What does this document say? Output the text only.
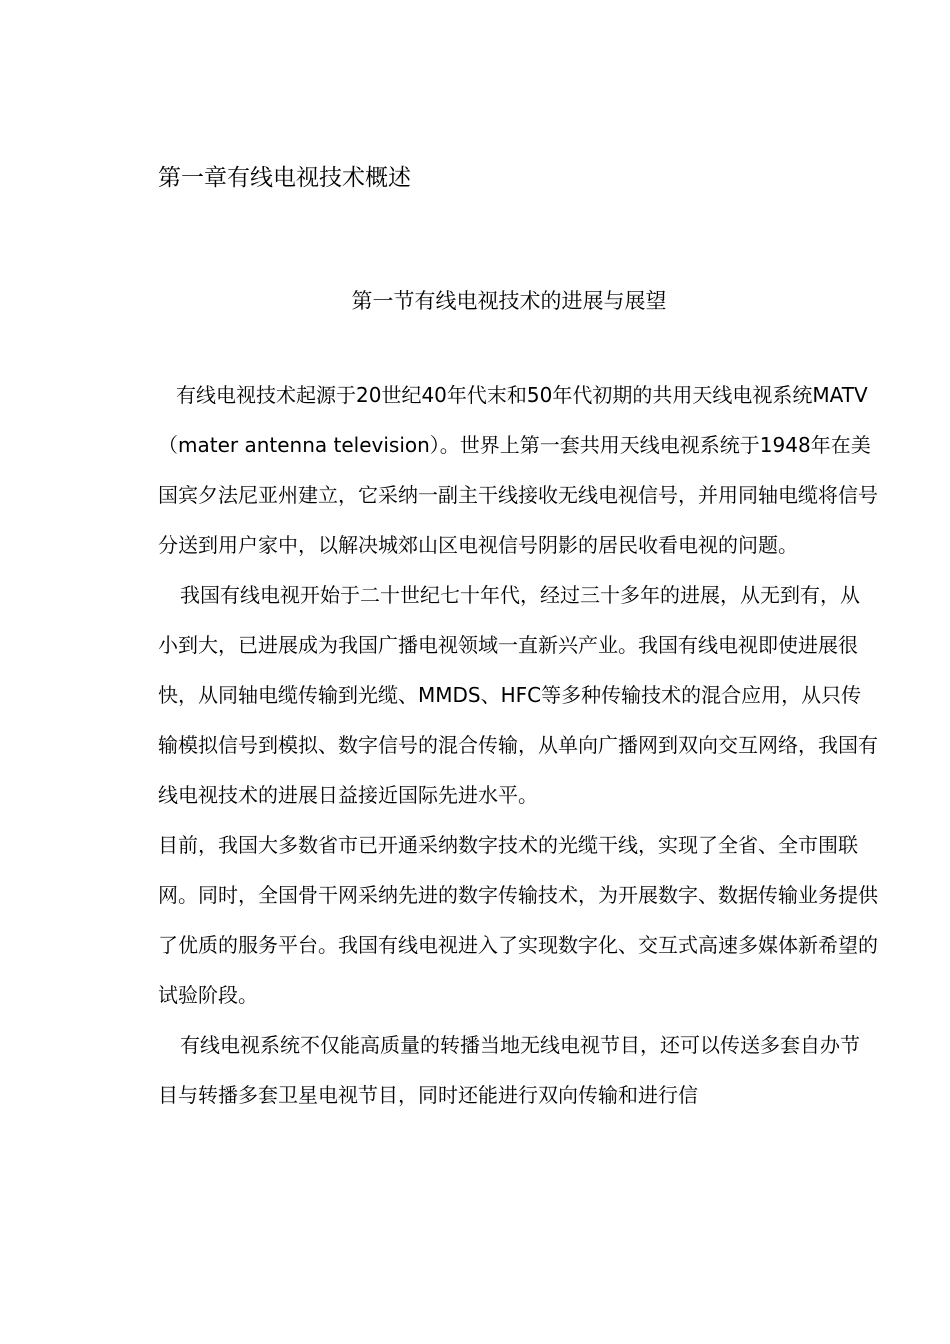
第一章有线电视技术概述
第一节有线电视技术的进展与展望

有线电视技术起源于20世纪40年代末和50年代初期的共用天线电视系统MATV（mater antenna television）。世界上第一套共用天线电视系统于1948年在美国宾夕法尼亚州建立，它采纳一副主干线接收无线电视信号，并用同轴电缆将信号分送到用户家中，以解决城郊山区电视信号阴影的居民收看电视的问题。

我国有线电视开始于二十世纪七十年代，经过三十多年的进展，从无到有，从小到大，已进展成为我国广播电视领域一直新兴产业。我国有线电视即使进展很快，从同轴电缆传输到光缆、MMDS、HFC等多种传输技术的混合应用，从只传输模拟信号到模拟、数字信号的混合传输，从单向广播网到双向交互网络，我国有线电视技术的进展日益接近国际先进水平。

目前，我国大多数省市已开通采纳数字技术的光缆干线，实现了全省、全市围联网。同时，全国骨干网采纳先进的数字传输技术，为开展数字、数据传输业务提供了优质的服务平台。我国有线电视进入了实现数字化、交互式高速多媒体新希望的试验阶段。

有线电视系统不仅能高质量的转播当地无线电视节目，还可以传送多套自办节目与转播多套卫星电视节目，同时还能进行双向传输和进行信
